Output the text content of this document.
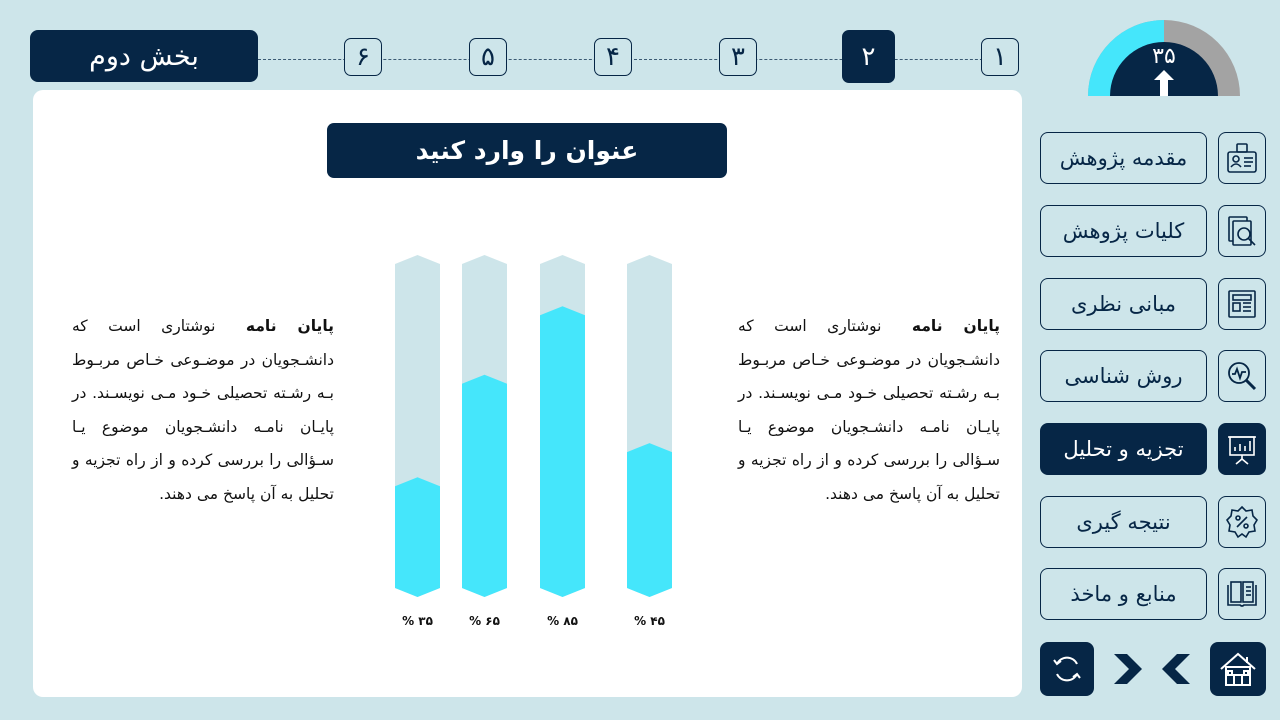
بخش دوم	۶	۵	۴	۳	۲	۱	۳۵
عنوان را وارد کنید
پایان نامه نوشتاری است که دانشـجویان در موضـوعی خـاص مربـوط بـه رشـته تحصیلی خـود مـی نویسـند. در پایـان نامـه دانشـجویان موضوع یـا سـؤالی را بررسی کرده و از راه تجزیه و تحلیل به آن پاسخ می دهند.
پایان نامه نوشتاری است که دانشـجویان در موضـوعی خـاص مربـوط بـه رشـته تحصیلی خـود مـی نویسـند. در پایـان نامـه دانشـجویان موضوع یـا سـؤالی را بررسی کرده و از راه تجزیه و تحلیل به آن پاسخ می دهند.
۳۵ %	۶۵ %	۸۵ %	۴۵ %
مقدمه پژوهش
کلیات پژوهش
مبانی نظری
روش شناسی
تجزیه و تحلیل
نتیجه گیری
منابع و ماخذ
